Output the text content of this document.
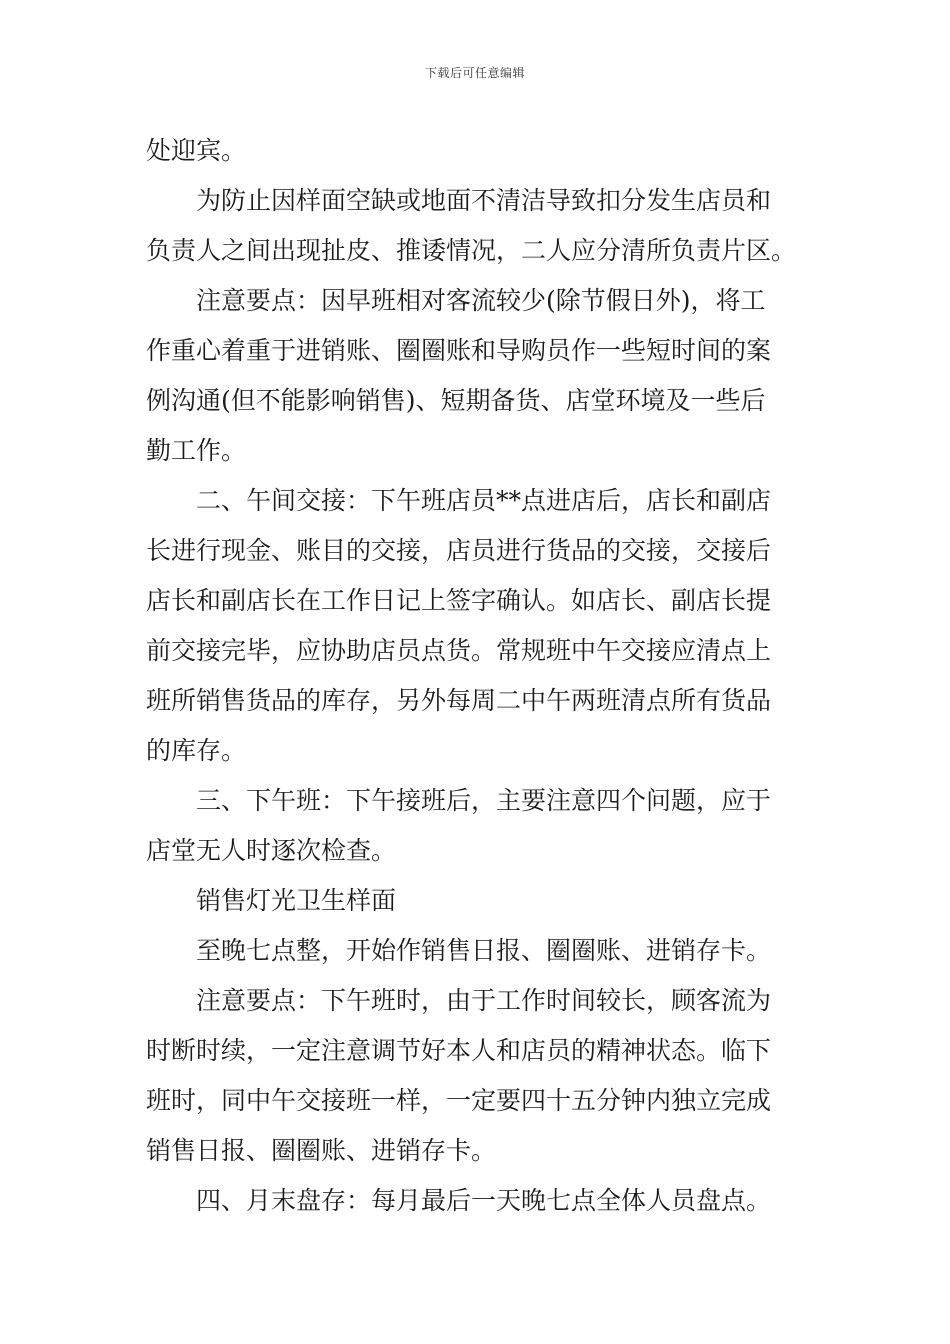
下载后可任意编辑
处迎宾。
为防止因样面空缺或地面不清洁导致扣分发生店员和
负责人之间出现扯皮、推诿情况，二人应分清所负责片区。
注意要点：因早班相对客流较少(除节假日外)，将工
作重心着重于进销账、圈圈账和导购员作一些短时间的案
例沟通(但不能影响销售)、短期备货、店堂环境及一些后
勤工作。
二、午间交接：下午班店员**点进店后，店长和副店
长进行现金、账目的交接，店员进行货品的交接，交接后
店长和副店长在工作日记上签字确认。如店长、副店长提
前交接完毕，应协助店员点货。常规班中午交接应清点上
班所销售货品的库存，另外每周二中午两班清点所有货品
的库存。
三、下午班：下午接班后，主要注意四个问题，应于
店堂无人时逐次检查。
销售灯光卫生样面
至晚七点整，开始作销售日报、圈圈账、进销存卡。
注意要点：下午班时，由于工作时间较长，顾客流为
时断时续，一定注意调节好本人和店员的精神状态。临下
班时，同中午交接班一样，一定要四十五分钟内独立完成
销售日报、圈圈账、进销存卡。
四、月末盘存：每月最后一天晚七点全体人员盘点。
